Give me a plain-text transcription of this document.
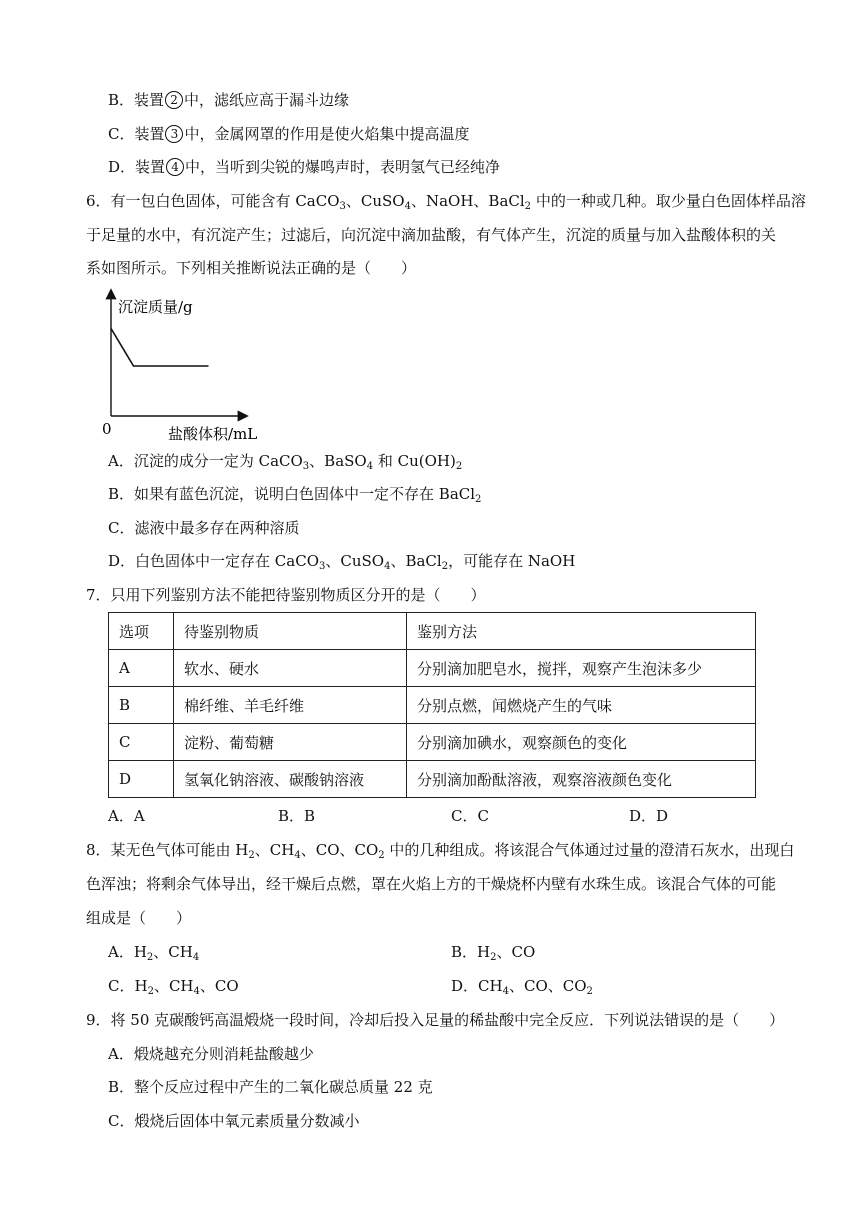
B．装置 2 中，滤纸应高于漏斗边缘
C．装置 3 中，金属网罩的作用是使火焰集中提高温度
D．装置 4 中，当听到尖锐的爆鸣声时，表明氢气已经纯净
6．有一包白色固体，可能含有 CaCO$_3$、CuSO$_4$、NaOH、BaCl$_2$ 中的一种或几种。取少量白色固体样品溶
于足量的水中，有沉淀产生；过滤后，向沉淀中滴加盐酸，有气体产生，沉淀的质量与加入盐酸体积的关
系如图所示。下列相关推断说法正确的是（　　）
沉淀质量/g
盐酸体积/mL
0
A．沉淀的成分一定为 CaCO$_3$、BaSO$_4$ 和 $Cu(OH)_2$
B．如果有蓝色沉淀，说明白色固体中一定不存在 BaCl$_2$
C．滤液中最多存在两种溶质
D．白色固体中一定存在 CaCO$_3$、CuSO$_4$、BaCl$_2$，可能存在 NaOH
7．只用下列鉴别方法不能把待鉴别物质区分开的是（　　）
选项	待鉴别物质	鉴别方法
A	软水、硬水	分别滴加肥皂水，搅拌，观察产生泡沫多少
B	棉纤维、羊毛纤维	分别点燃，闻燃烧产生的气味
C	淀粉、葡萄糖	分别滴加碘水，观察颜色的变化
D	氢氧化钠溶液、碳酸钠溶液	分别滴加酚酞溶液，观察溶液颜色变化
A．A	B．B	C．C	D．D
8．某无色气体可能由 $H_2$、$CH_4$、CO、$CO_2$ 中的几种组成。将该混合气体通过过量的澄清石灰水，出现白
色浑浊；将剩余气体导出，经干燥后点燃，罩在火焰上方的干燥烧杯内壁有水珠生成。该混合气体的可能
组成是（　　）
A．$H_2$、$CH_4$	B．$H_2$、CO
C．$H_2$、$CH_4$、CO	D．$CH_4$、CO、$CO_2$
9．将 50 克碳酸钙高温煅烧一段时间，冷却后投入足量的稀盐酸中完全反应．下列说法错误的是（　　）
A．煅烧越充分则消耗盐酸越少
B．整个反应过程中产生的二氧化碳总质量 22 克
C．煅烧后固体中氧元素质量分数减小
